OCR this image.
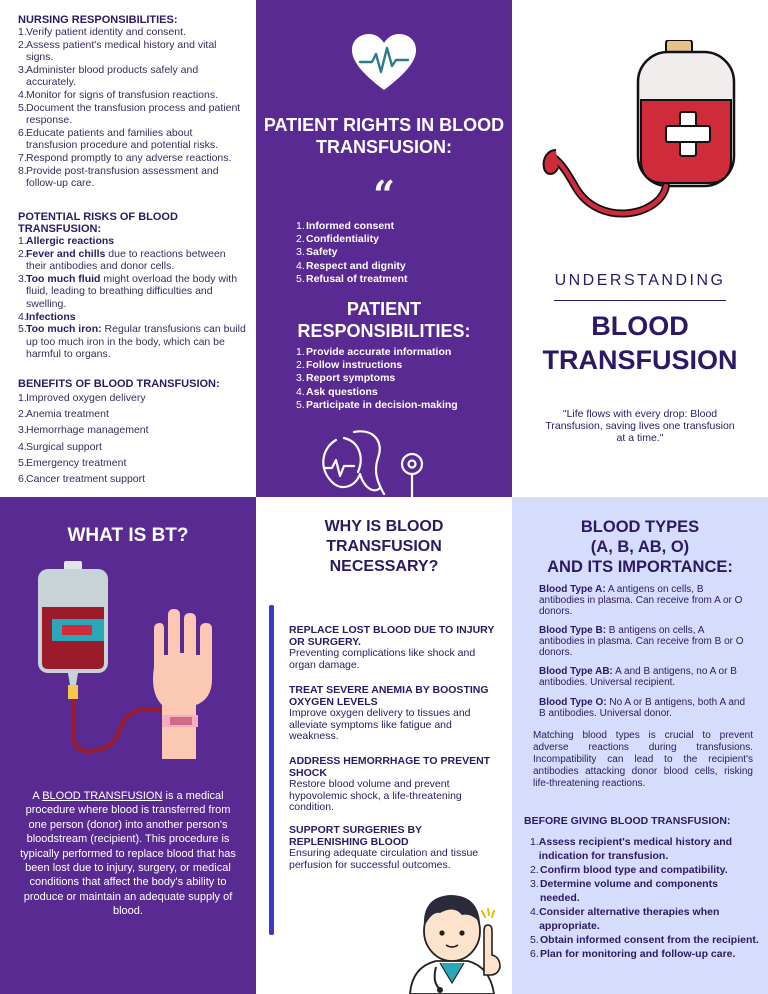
NURSING RESPONSIBILITIES:
1. Verify patient identity and consent.
2. Assess patient's medical history and vital signs.
3. Administer blood products safely and accurately.
4. Monitor for signs of transfusion reactions.
5. Document the transfusion process and patient response.
6. Educate patients and families about transfusion procedure and potential risks.
7. Respond promptly to any adverse reactions.
8. Provide post-transfusion assessment and follow-up care.
POTENTIAL RISKS OF BLOOD TRANSFUSION:
1. Allergic reactions
2. Fever and chills due to reactions between their antibodies and donor cells.
3. Too much fluid might overload the body with fluid, leading to breathing difficulties and swelling.
4. Infections
5. Too much iron: Regular transfusions can build up too much iron in the body, which can be harmful to organs.
BENEFITS OF BLOOD TRANSFUSION:
1. Improved oxygen delivery
2. Anemia treatment
3. Hemorrhage management
4. Surgical support
5. Emergency treatment
6. Cancer treatment support
PATIENT RIGHTS IN BLOOD TRANSFUSION:
“
1. Informed consent
2. Confidentiality
3. Safety
4. Respect and dignity
5. Refusal of treatment
PATIENT RESPONSIBILITIES:
1. Provide accurate information
2. Follow instructions
3. Report symptoms
4. Ask questions
5. Participate in decision-making
UNDERSTANDING
BLOOD
TRANSFUSION
"Life flows with every drop: Blood Transfusion, saving lives one transfusion at a time."
WHAT IS BT?
A BLOOD TRANSFUSION is a medical procedure where blood is transferred from one person (donor) into another person's bloodstream (recipient). This procedure is typically performed to replace blood that has been lost due to injury, surgery, or medical conditions that affect the body's ability to produce or maintain an adequate supply of blood.
WHY IS BLOOD TRANSFUSION NECESSARY?
REPLACE LOST BLOOD DUE TO INJURY OR SURGERY.
Preventing complications like shock and organ damage.
TREAT SEVERE ANEMIA BY BOOSTING OXYGEN LEVELS
Improve oxygen delivery to tissues and alleviate symptoms like fatigue and weakness.
ADDRESS HEMORRHAGE TO PREVENT SHOCK
Restore blood volume and prevent hypovolemic shock, a life-threatening condition.
SUPPORT SURGERIES BY REPLENISHING BLOOD
Ensuring adequate circulation and tissue perfusion for successful outcomes.
BLOOD TYPES
(A, B, AB, O)
AND ITS IMPORTANCE:
Blood Type A: A antigens on cells, B antibodies in plasma. Can receive from A or O donors.
Blood Type B: B antigens on cells, A antibodies in plasma. Can receive from B or O donors.
Blood Type AB: A and B antigens, no A or B antibodies. Universal recipient.
Blood Type O: No A or B antigens, both A and B antibodies. Universal donor.
Matching blood types is crucial to prevent adverse reactions during transfusions. Incompatibility can lead to the recipient's antibodies attacking donor blood cells, risking life-threatening reactions.
BEFORE GIVING BLOOD TRANSFUSION:
1. Assess recipient's medical history and indication for transfusion.
2. Confirm blood type and compatibility.
3. Determine volume and components needed.
4. Consider alternative therapies when appropriate.
5. Obtain informed consent from the recipient.
6. Plan for monitoring and follow-up care.
